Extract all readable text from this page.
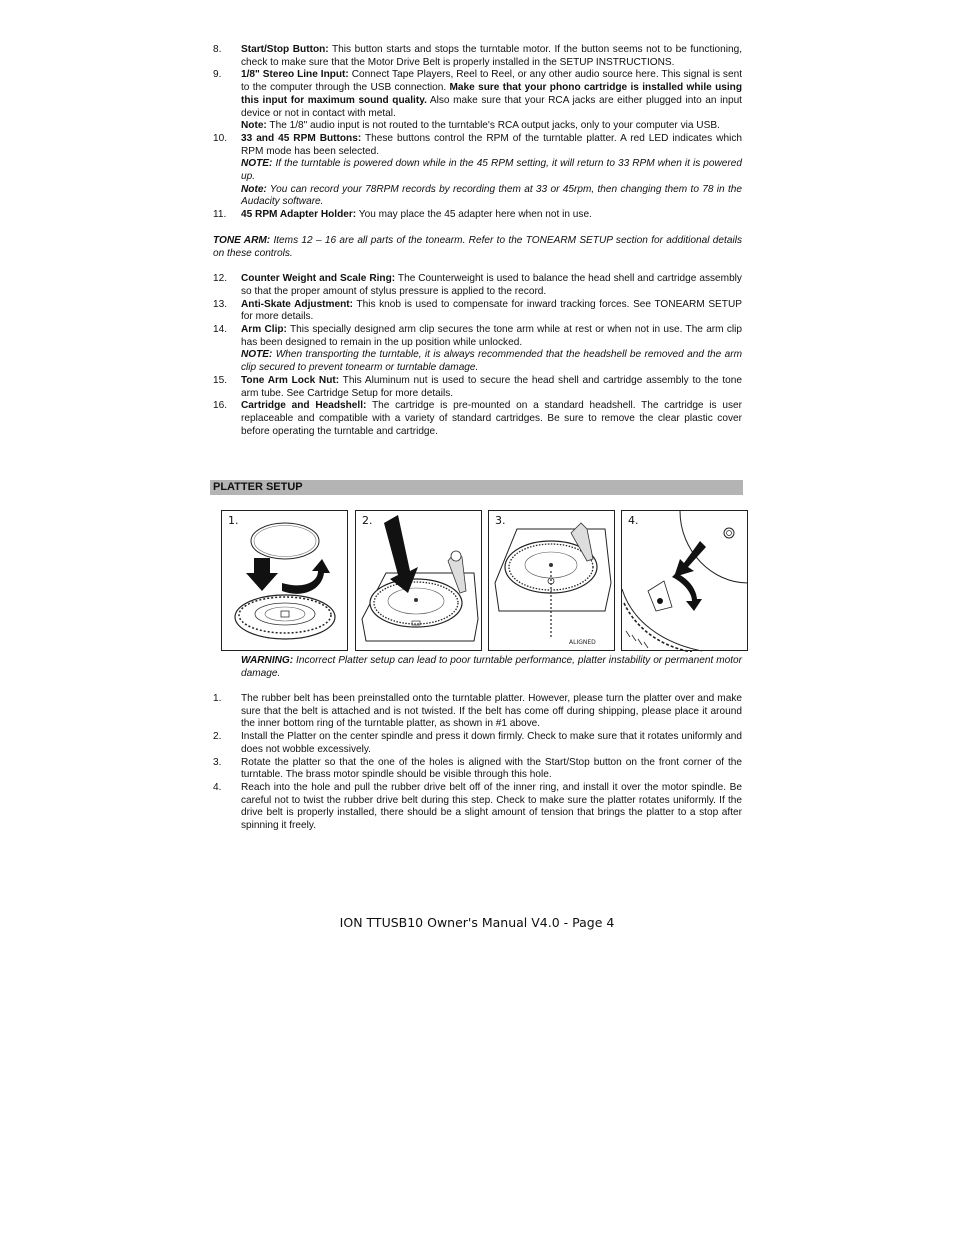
8.	Start/Stop Button: This button starts and stops the turntable motor. If the button seems not to be functioning, check to make sure that the Motor Drive Belt is properly installed in the SETUP INSTRUCTIONS.

9.	1/8" Stereo Line Input: Connect Tape Players, Reel to Reel, or any other audio source here. This signal is sent to the computer through the USB connection. Make sure that your phono cartridge is installed while using this input for maximum sound quality. Also make sure that your RCA jacks are either plugged into an input device or not in contact with metal.

Note: The 1/8" audio input is not routed to the turntable's RCA output jacks, only to your computer via USB.

10.	33 and 45 RPM Buttons: These buttons control the RPM of the turntable platter. A red LED indicates which RPM mode has been selected.

NOTE: If the turntable is powered down while in the 45 RPM setting, it will return to 33 RPM when it is powered up.

Note: You can record your 78RPM records by recording them at 33 or 45rpm, then changing them to 78 in the Audacity software.

11.	45 RPM Adapter Holder: You may place the 45 adapter here when not in use.

TONE ARM: Items 12 – 16 are all parts of the tonearm. Refer to the TONEARM SETUP section for additional details on these controls.

12.	Counter Weight and Scale Ring: The Counterweight is used to balance the head shell and cartridge assembly so that the proper amount of stylus pressure is applied to the record.

13.	Anti-Skate Adjustment: This knob is used to compensate for inward tracking forces. See TONEARM SETUP for more details.

14.	Arm Clip: This specially designed arm clip secures the tone arm while at rest or when not in use. The arm clip has been designed to remain in the up position while unlocked.

NOTE: When transporting the turntable, it is always recommended that the headshell be removed and the arm clip secured to prevent tonearm or turntable damage.

15.	Tone Arm Lock Nut: This Aluminum nut is used to secure the head shell and cartridge assembly to the tone arm tube. See Cartridge Setup for more details.

16.	Cartridge and Headshell: The cartridge is pre-mounted on a standard headshell. The cartridge is user replaceable and compatible with a variety of standard cartridges. Be sure to remove the clear plastic cover before operating the turntable and cartridge.

PLATTER SETUP
1.	2.
ALIGNED
3.	4.
WARNING: Incorrect Platter setup can lead to poor turntable performance, platter instability or permanent motor damage.
1.	The rubber belt has been preinstalled onto the turntable platter. However, please turn the platter over and make sure that the belt is attached and is not twisted. If the belt has come off during shipping, please place it around the inner bottom ring of the turntable platter, as shown in #1 above.
2.	Install the Platter on the center spindle and press it down firmly. Check to make sure that it rotates uniformly and does not wobble excessively.
3.	Rotate the platter so that the one of the holes is aligned with the Start/Stop button on the front corner of the turntable. The brass motor spindle should be visible through this hole.
4.	Reach into the hole and pull the rubber drive belt off of the inner ring, and install it over the motor spindle. Be careful not to twist the rubber drive belt during this step. Check to make sure the platter rotates uniformly. If the drive belt is properly installed, there should be a slight amount of tension that brings the platter to a stop after spinning it freely.
ION TTUSB10 Owner's Manual V4.0 - Page 4
